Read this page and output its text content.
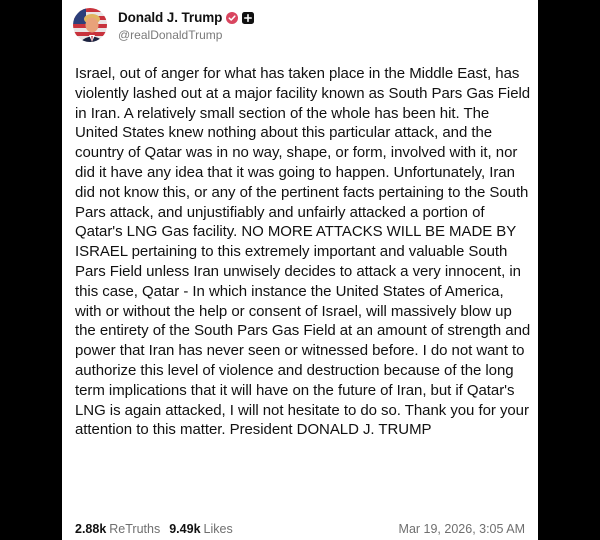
Donald J. Trump
@realDonaldTrump
Israel, out of anger for what has taken place in the Middle East, has violently lashed out at a major facility known as South Pars Gas Field in Iran. A relatively small section of the whole has been hit. The United States knew nothing about this particular attack, and the country of Qatar was in no way, shape, or form, involved with it, nor did it have any idea that it was going to happen. Unfortunately, Iran did not know this, or any of the pertinent facts pertaining to the South Pars attack, and unjustifiably and unfairly attacked a portion of Qatar's LNG Gas facility. NO MORE ATTACKS WILL BE MADE BY ISRAEL pertaining to this extremely important and valuable South Pars Field unless Iran unwisely decides to attack a very innocent, in this case, Qatar - In which instance the United States of America, with or without the help or consent of Israel, will massively blow up the entirety of the South Pars Gas Field at an amount of strength and power that Iran has never seen or witnessed before. I do not want to authorize this level of violence and destruction because of the long term implications that it will have on the future of Iran, but if Qatar's LNG is again attacked, I will not hesitate to do so. Thank you for your attention to this matter. President DONALD J. TRUMP
2.88k ReTruths 9.49k Likes	Mar 19, 2026, 3:05 AM
